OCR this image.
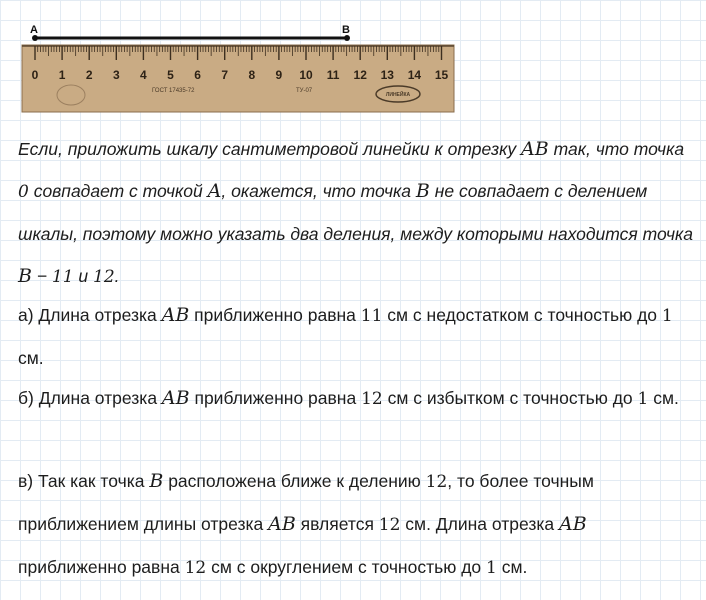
A	B
0 1 2 3 4 5 6 7 8 9 10 11 12 13 14 15
ГОСТ 17435-72	ТУ-07
ЛИНЕЙКА

Если, приложить шкалу сантиметровой линейки к отрезку AB так, что точка 0 совпадает с точкой A, окажется, что точка B не совпадает с делением шкалы, поэтому можно указать два деления, между которыми находится точка B − 11 и 12.

а) Длина отрезка AB приближенно равна 11 см с недостатком с точностью до 1 см.

б) Длина отрезка AB приближенно равна 12 см с избытком с точностью до 1 см.

в) Так как точка B расположена ближе к делению 12, то более точным приближением длины отрезка AB является 12 см. Длина отрезка AB приближенно равна 12 см с округлением с точностью до 1 см.
